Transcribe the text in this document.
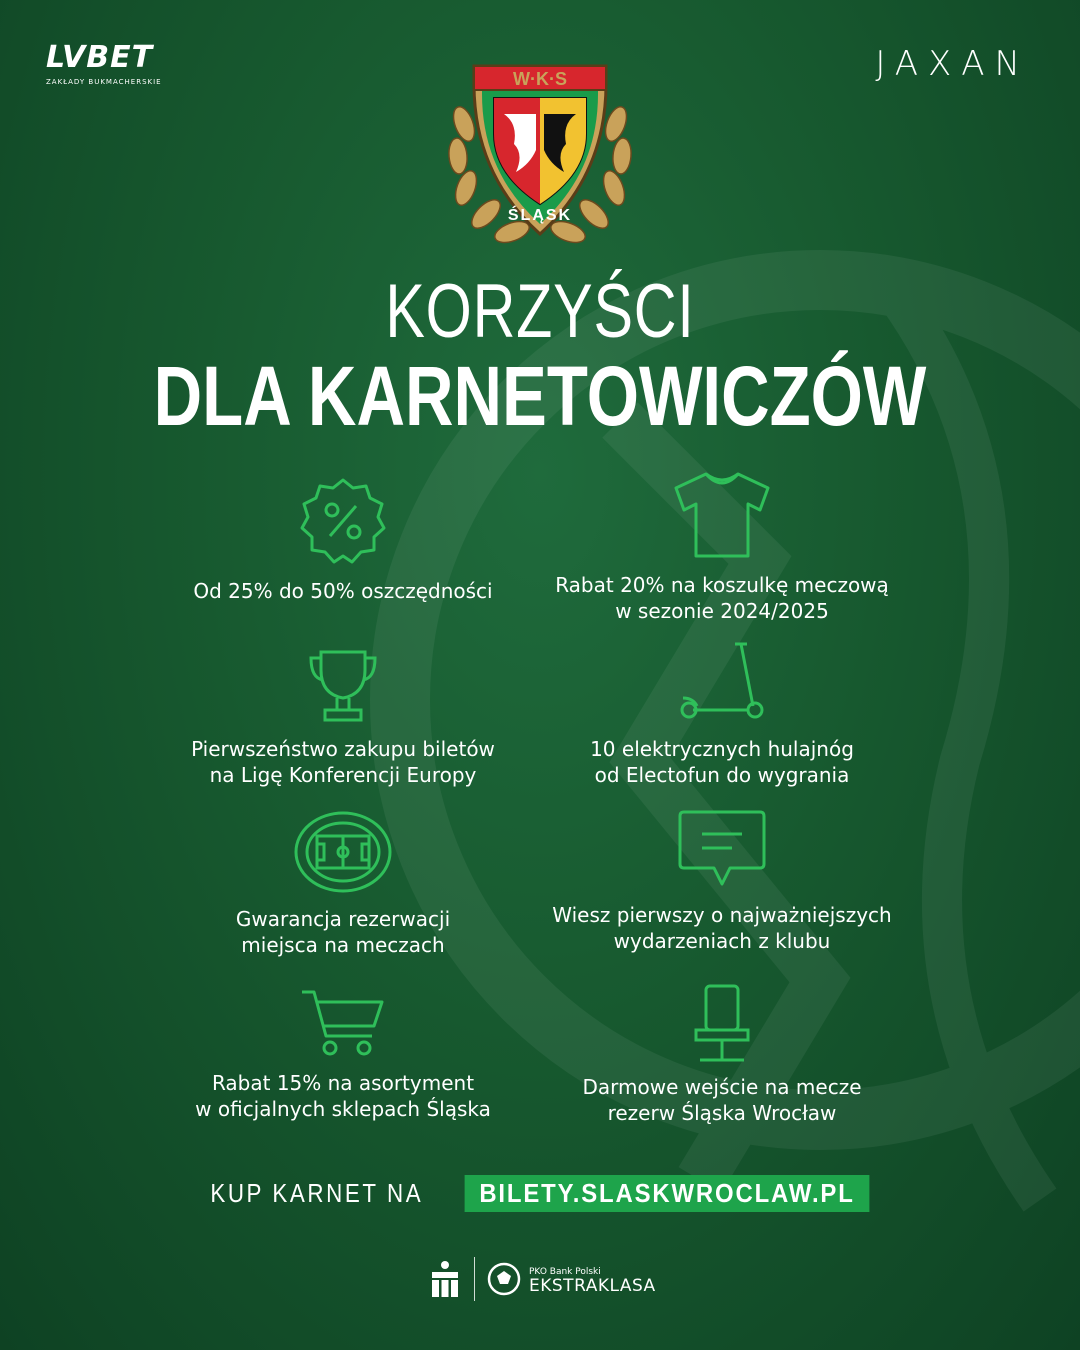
LVBET
ZAKŁADY BUKMACHERSKIE	JAXAN
W·K·S
ŚLĄSK
KORZYŚCI
DLA KARNETOWICZÓW
Od 25% do 50% oszczędności	Rabat 20% na koszulkę meczową
w sezonie 2024/2025
Pierwszeństwo zakupu biletów
na Ligę Konferencji Europy
10 elektrycznych hulajnóg
od Electofun do wygrania
Gwarancja rezerwacji
miejsca na meczach
Wiesz pierwszy o najważniejszych
wydarzeniach z klubu
Rabat 15% na asortyment
w oficjalnych sklepach Śląska
Darmowe wejście na mecze
rezerw Śląska Wrocław
KUP KARNET NA	BILETY.SLASKWROCLAW.PL
PKO Bank Polski
EKSTRAKLASA
